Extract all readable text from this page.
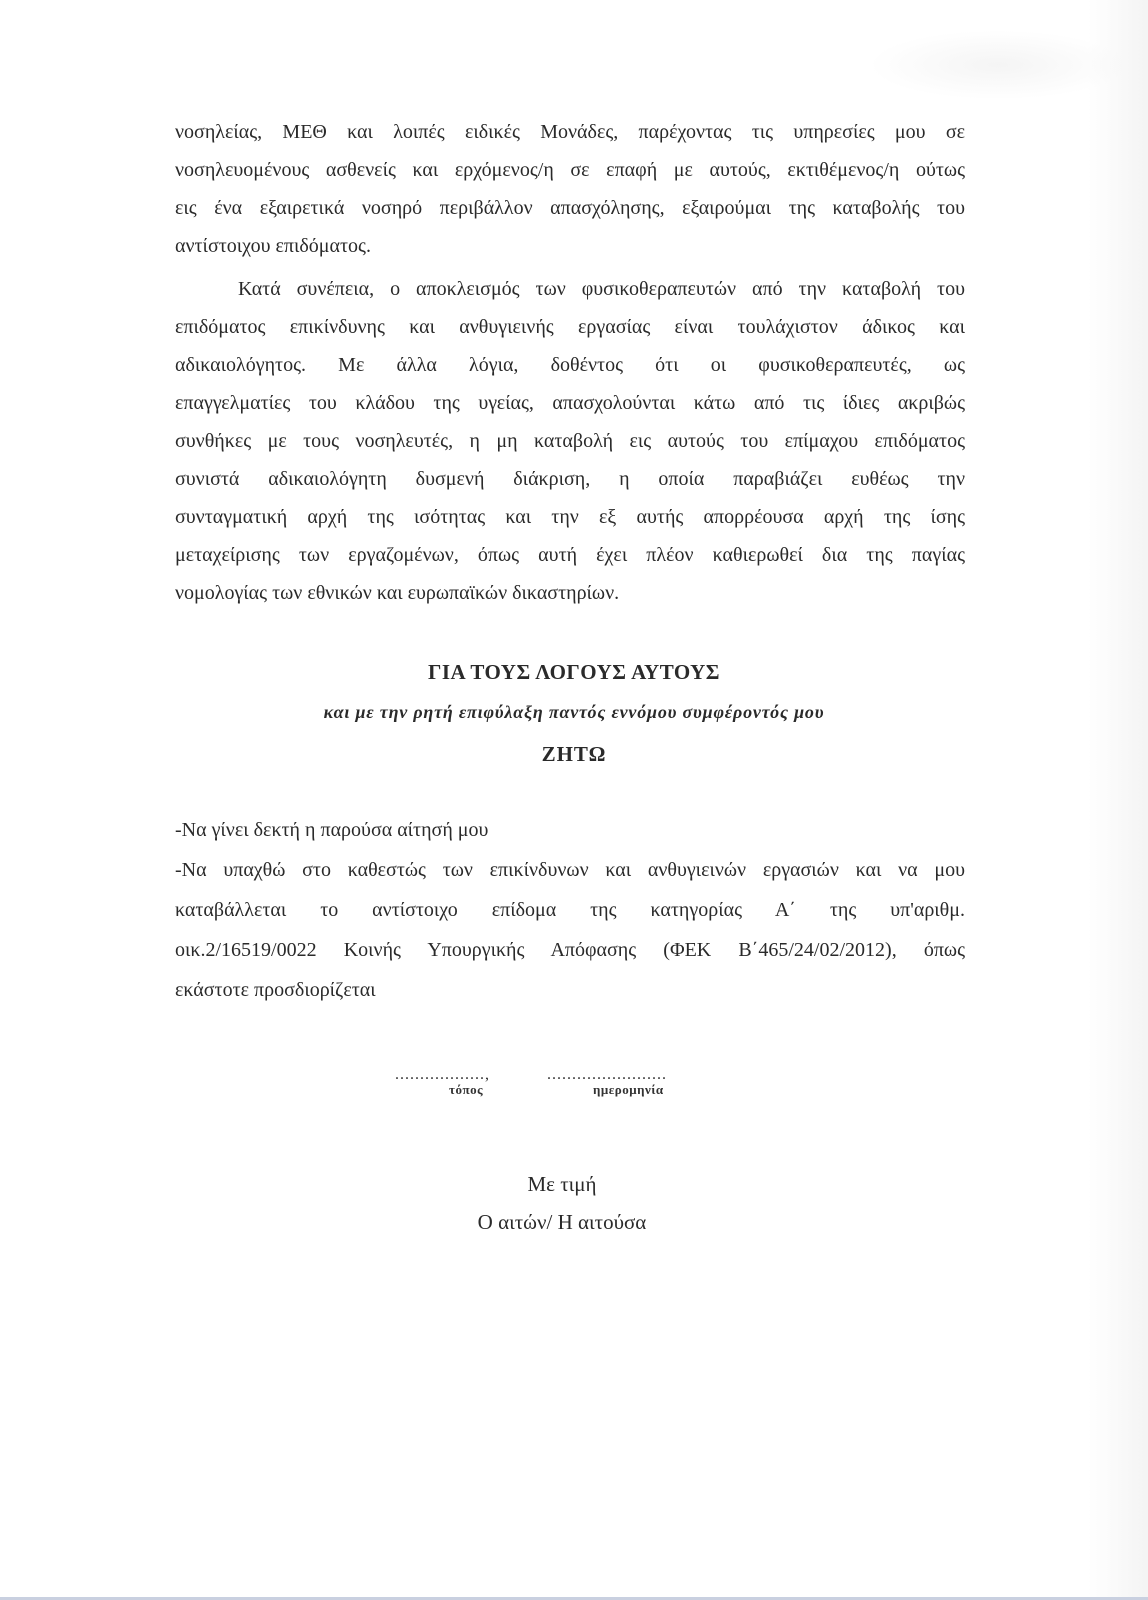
νοσηλείας, ΜΕΘ και λοιπές ειδικές Μονάδες, παρέχοντας τις υπηρεσίες μου σε

νοσηλευομένους ασθενείς και ερχόμενος/η σε επαφή με αυτούς, εκτιθέμενος/η ούτως

εις ένα εξαιρετικά νοσηρό περιβάλλον απασχόλησης, εξαιρούμαι της καταβολής του

αντίστοιχου επιδόματος.

Κατά συνέπεια, ο αποκλεισμός των φυσικοθεραπευτών από την καταβολή του

επιδόματος επικίνδυνης και ανθυγιεινής εργασίας είναι τουλάχιστον άδικος και

αδικαιολόγητος. Με άλλα λόγια, δοθέντος ότι οι φυσικοθεραπευτές, ως

επαγγελματίες του κλάδου της υγείας, απασχολούνται κάτω από τις ίδιες ακριβώς

συνθήκες με τους νοσηλευτές, η μη καταβολή εις αυτούς του επίμαχου επιδόματος

συνιστά αδικαιολόγητη δυσμενή διάκριση, η οποία παραβιάζει ευθέως την

συνταγματική αρχή της ισότητας και την εξ αυτής απορρέουσα αρχή της ίσης

μεταχείρισης των εργαζομένων, όπως αυτή έχει πλέον καθιερωθεί δια της παγίας

νομολογίας των εθνικών και ευρωπαϊκών δικαστηρίων.

ΓΙΑ ΤΟΥΣ ΛΟΓΟΥΣ ΑΥΤΟΥΣ

και με την ρητή επιφύλαξη παντός εννόμου συμφέροντός μου

ΖΗΤΩ

-Να γίνει δεκτή η παρούσα αίτησή μου

-Να υπαχθώ στο καθεστώς των επικίνδυνων και ανθυγιεινών εργασιών και να μου

καταβάλλεται το αντίστοιχο επίδομα της κατηγορίας Α΄ της υπ'αριθμ.

οικ.2/16519/0022 Κοινής Υπουργικής Απόφασης (ΦΕΚ Β΄465/24/02/2012), όπως

εκάστοτε προσδιορίζεται

..................,	........................
τόπος	ημερομηνία

Με τιμή

Ο αιτών/ Η αιτούσα
